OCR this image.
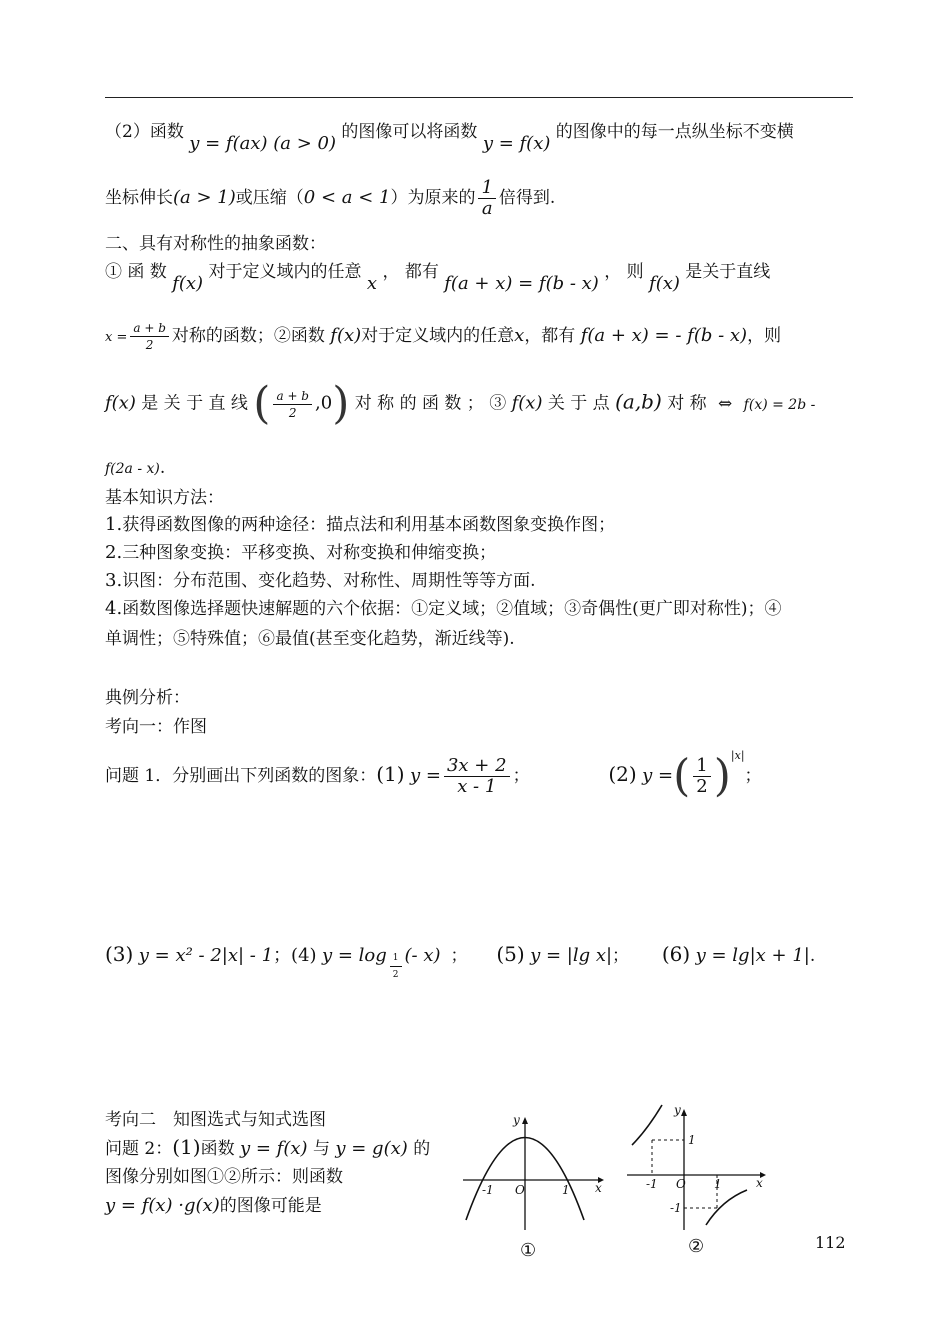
（2）函数 y = f(ax) (a > 0) 的图像可以将函数 y = f(x) 的图像中的每一点纵坐标不变横
坐标伸长(a > 1)或压缩（0 < a < 1）为原来的 $\frac{1}{a}$ 倍得到.
二、具有对称性的抽象函数：
① 函 数 f(x) 对于定义域内的任意 x ， 都有 f(a + x) = f(b - x) ， 则 f(x) 是关于直线
$x = \frac{a + b}{2}$ 对称的函数；②函数 f(x)对于定义域内的任意x，都有 f(a + x) = - f(b - x)，则
f(x) 是 关 于 直 线 ( $\frac{a + b}{2} ,0$) 对 称 的 函 数 ； ③ f(x) 关 于 点 (a,b) 对 称 ⇔ f(x) = 2b -
f(2a - x).
基本知识方法：
1.获得函数图像的两种途径：描点法和利用基本函数图象变换作图；
2.三种图象变换：平移变换、对称变换和伸缩变换；
3.识图：分布范围、变化趋势、对称性、周期性等等方面.
4.函数图像选择题快速解题的六个依据：①定义域；②值域；③奇偶性(更广即对称性)；④
单调性；⑤特殊值；⑥最值(甚至变化趋势，渐近线等).
典例分析：
考向一：作图
问题 1．分别画出下列函数的图象：(1) $y = \frac{3x + 2}{x - 1}$ ；	(2) y =( $\frac{1}{2} )^{|x|}$；
(3) y = x² - 2|x| - 1；(4) $y = \log \frac{1}{2}$ (- x) ； (5) y = |lg x|； (6) y = lg|x + 1|.
考向二　知图选式与知式选图
问题 2：(1)函数 y = f(x) 与 y = g(x) 的
图像分别如图①②所示：则函数
y = f(x) ·g(x)的图像可能是
y
x
O
-1	1
①
y
x
O
-1	1
1
-1
②	112
